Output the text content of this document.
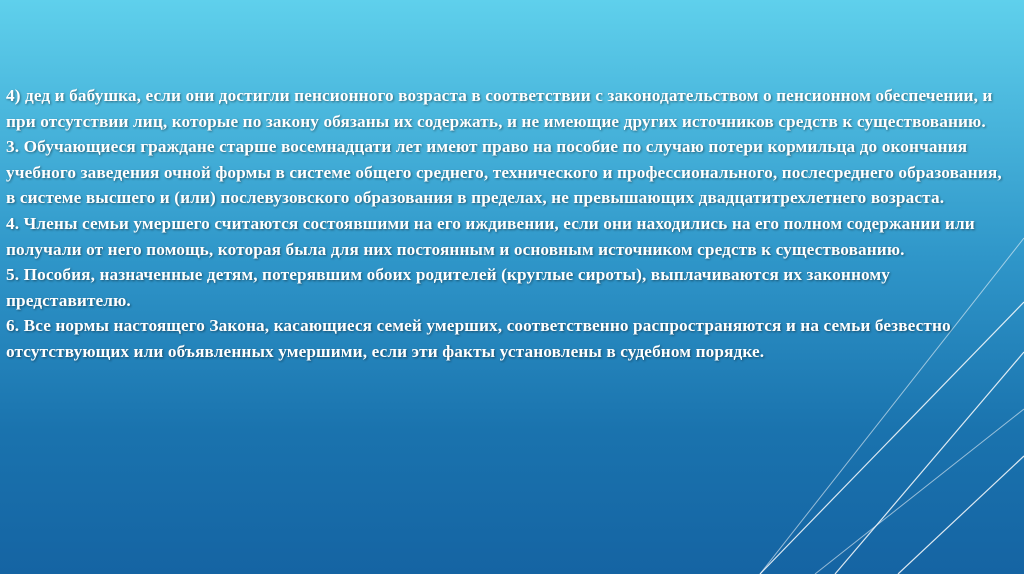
4) дед и бабушка, если они достигли пенсионного возраста в соответствии с законодательством о пенсионном обеспечении, и при отсутствии лиц, которые по закону обязаны их содержать, и не имеющие других источников средств к существованию.

3. Обучающиеся граждане старше восемнадцати лет имеют право на пособие по случаю потери кормильца до окончания учебного заведения очной формы в системе общего среднего, технического и профессионального, послесреднего образования, в системе высшего и (или) послевузовского образования в пределах, не превышающих двадцатитрехлетнего возраста.

4. Члены семьи умершего считаются состоявшими на его иждивении, если они находились на его полном содержании или получали от него помощь, которая была для них постоянным и основным источником средств к существованию.

5. Пособия, назначенные детям, потерявшим обоих родителей (круглые сироты), выплачиваются их законному представителю.

6. Все нормы настоящего Закона, касающиеся семей умерших, соответственно распространяются и на семьи безвестно отсутствующих или объявленных умершими, если эти факты установлены в судебном порядке.
